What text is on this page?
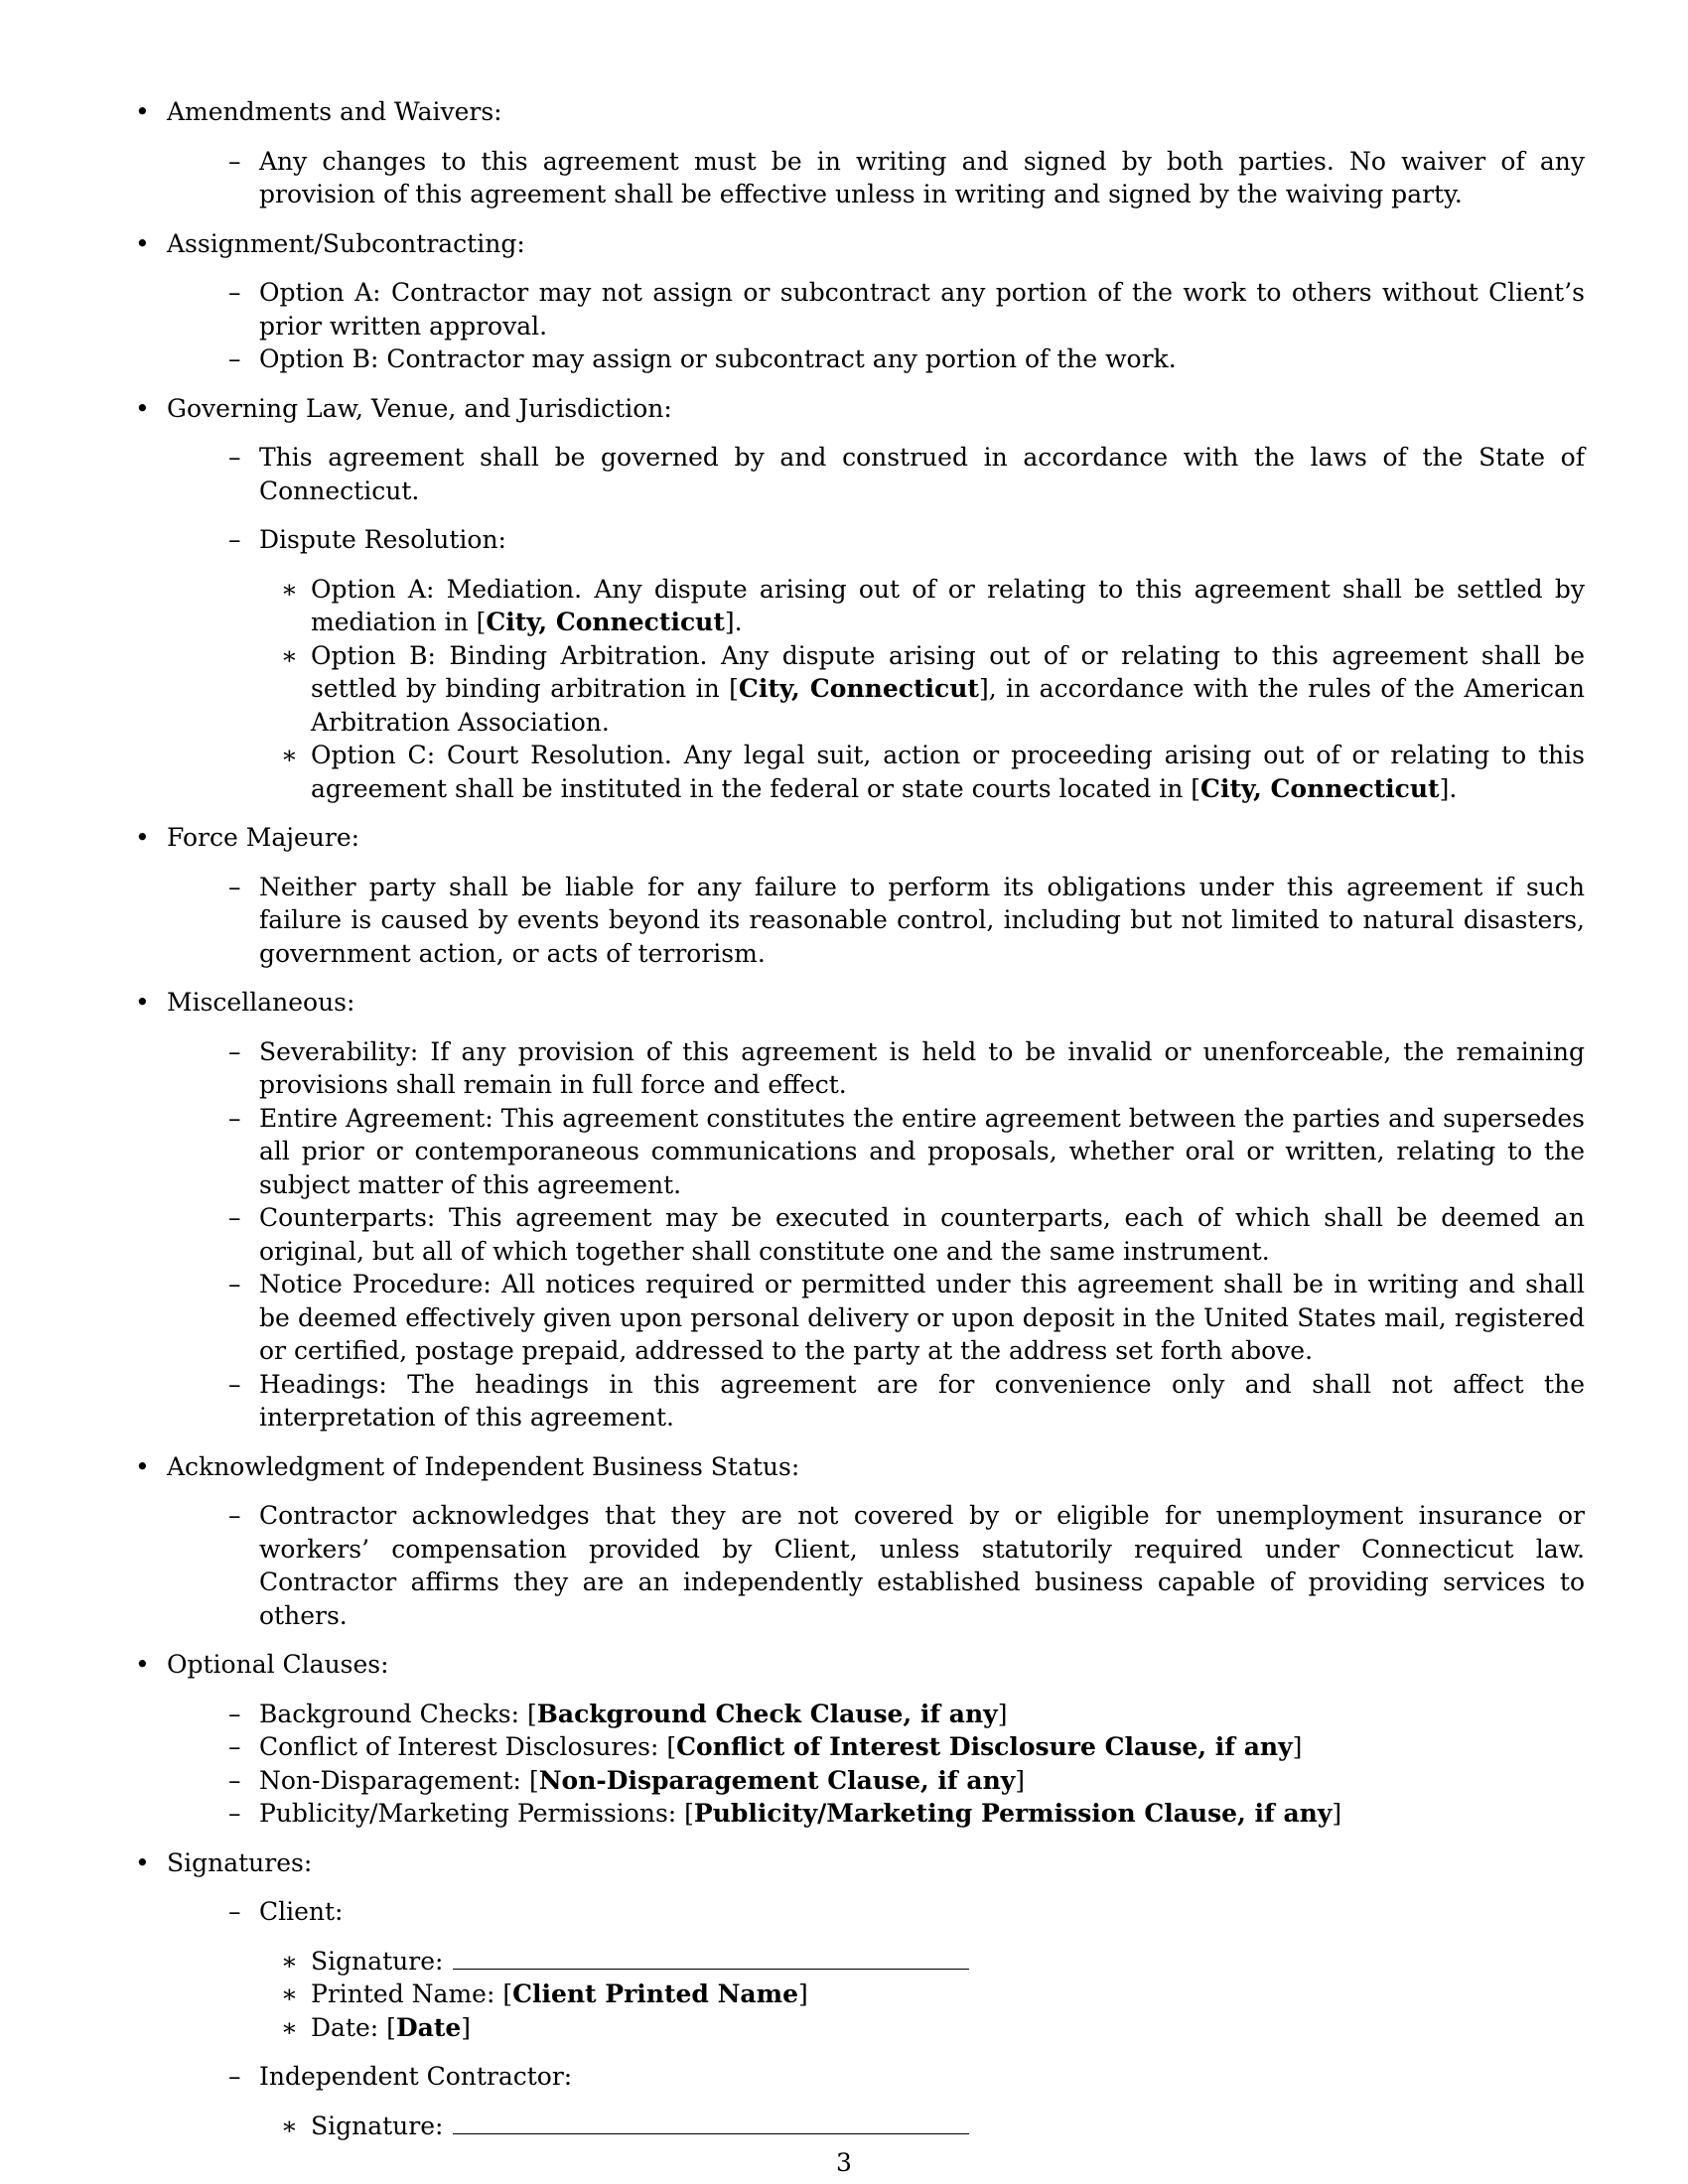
• Amendments and Waivers:
– Any changes to this agreement must be in writing and signed by both parties. No waiver of any provision of this agreement shall be effective unless in writing and signed by the waiving party.
• Assignment/Subcontracting:
– Option A: Contractor may not assign or subcontract any portion of the work to others without Client’s prior written approval.
– Option B: Contractor may assign or subcontract any portion of the work.
• Governing Law, Venue, and Jurisdiction:
– This agreement shall be governed by and construed in accordance with the laws of the State of Connecticut.
– Dispute Resolution:
∗ Option A: Mediation. Any dispute arising out of or relating to this agreement shall be settled by mediation in [City, Connecticut].
∗ Option B: Binding Arbitration. Any dispute arising out of or relating to this agreement shall be settled by binding arbitration in [City, Connecticut], in accordance with the rules of the American Arbitration Association.
∗ Option C: Court Resolution. Any legal suit, action or proceeding arising out of or relating to this agreement shall be instituted in the federal or state courts located in [City, Connecticut].
• Force Majeure:
– Neither party shall be liable for any failure to perform its obligations under this agreement if such failure is caused by events beyond its reasonable control, including but not limited to natural disasters, government action, or acts of terrorism.
• Miscellaneous:
– Severability: If any provision of this agreement is held to be invalid or unenforceable, the remaining provisions shall remain in full force and effect.
– Entire Agreement: This agreement constitutes the entire agreement between the parties and supersedes all prior or contemporaneous communications and proposals, whether oral or written, relating to the subject matter of this agreement.
– Counterparts: This agreement may be executed in counterparts, each of which shall be deemed an original, but all of which together shall constitute one and the same instrument.
– Notice Procedure: All notices required or permitted under this agreement shall be in writing and shall be deemed effectively given upon personal delivery or upon deposit in the United States mail, registered or certified, postage prepaid, addressed to the party at the address set forth above.
– Headings: The headings in this agreement are for convenience only and shall not affect the interpretation of this agreement.
• Acknowledgment of Independent Business Status:
– Contractor acknowledges that they are not covered by or eligible for unemployment insurance or workers’ compensation provided by Client, unless statutorily required under Connecticut law. Contractor affirms they are an independently established business capable of providing services to others.
• Optional Clauses:
– Background Checks: [Background Check Clause, if any]
– Conflict of Interest Disclosures: [Conflict of Interest Disclosure Clause, if any]
– Non-Disparagement: [Non-Disparagement Clause, if any]
– Publicity/Marketing Permissions: [Publicity/Marketing Permission Clause, if any]
• Signatures:
– Client:
∗ Signature:
∗ Printed Name: [Client Printed Name]
∗ Date: [Date]
– Independent Contractor:
∗ Signature:
3
